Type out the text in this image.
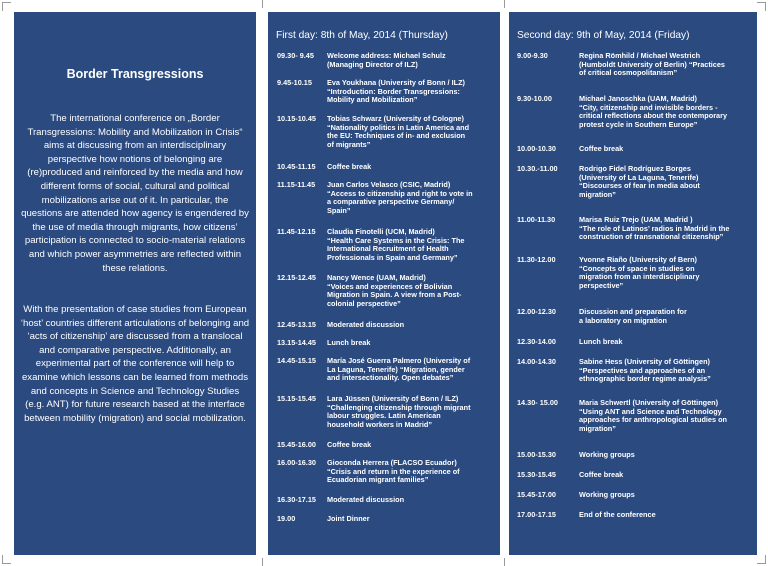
Border Transgressions
The international conference on „Border Transgressions: Mobility and Mobilization in Crisis“ aims at discussing from an interdisciplinary perspective how notions of belonging are (re)produced and reinforced by the media and how different forms of social, cultural and political mobilizations arise out of it. In particular, the questions are attended how agency is engendered by the use of media through migrants, how citizens’ participation is connected to socio-material relations and which power asymmetries are reflected within these relations.
With the presentation of case studies from European ‘host’ countries different articulations of belonging and ‘acts of citizenship’ are discussed from a translocal and comparative perspective. Additionally, an experimental part of the conference will help to examine which lessons can be learned from methods and concepts in Science and Technology Studies (e.g. ANT) for future research based at the interface between mobility (migration) and social mobilization.
First day: 8th of May, 2014 (Thursday)
09.30- 9.45	Welcome address: Michael Schulz
(Managing Director of ILZ)
9.45-10.15	Eva Youkhana (University of Bonn / ILZ)
“Introduction: Border Transgressions:
Mobility and Mobilization”
10.15-10.45	Tobias Schwarz (University of Cologne)
“Nationality politics in Latin America and
the EU: Techniques of in- and exclusion
of migrants”
10.45-11.15	Coffee break
11.15-11.45	Juan Carlos Velasco (CSIC, Madrid)
“Access to citizenship and right to vote in
a comparative perspective Germany/
Spain”
11.45-12.15	Claudia Finotelli (UCM, Madrid)
“Health Care Systems in the Crisis: The
International Recruitment of Health
Professionals in Spain and Germany”
12.15-12.45	Nancy Wence (UAM, Madrid)
“Voices and experiences of Bolivian
Migration in Spain. A view from a Post-
colonial perspective”
12.45-13.15	Moderated discussion
13.15-14.45	Lunch break
14.45-15.15	María José Guerra Palmero (University of
La Laguna, Tenerife) “Migration, gender
and intersectionality. Open debates”
15.15-15.45	Lara Jüssen (University of Bonn / ILZ)
“Challenging citizenship through migrant
labour struggles. Latin American
household workers in Madrid”
15.45-16.00	Coffee break
16.00-16.30	Gioconda Herrera (FLACSO Ecuador)
“Crisis and return in the experience of
Ecuadorian migrant families”
16.30-17.15	Moderated discussion
19.00	Joint Dinner
Second day: 9th of May, 2014 (Friday)
9.00-9.30	Regina Römhild / Michael Westrich
(Humboldt University of Berlin) “Practices
of critical cosmopolitanism”
9.30-10.00	Michael Janoschka (UAM, Madrid)
“City, citizenship and invisible borders -
critical reflections about the contemporary
protest cycle in Southern Europe”
10.00-10.30	Coffee break
10.30.-11.00	Rodrigo Fidel Rodríguez Borges
(University of La Laguna, Tenerife)
“Discourses of fear in media about
migration”
11.00-11.30	Marisa Ruiz Trejo (UAM, Madrid )
“The role of Latinos’ radios in Madrid in the
construction of transnational citizenship”
11.30-12.00	Yvonne Riaño (University of Bern)
“Concepts of space in studies on
migration from an interdisciplinary
perspective”
12.00-12.30	Discussion and preparation for
a laboratory on migration
12.30-14.00	Lunch break
14.00-14.30	Sabine Hess (University of Göttingen)
“Perspectives and approaches of an
ethnographic border regime analysis”
14.30- 15.00	Maria Schwertl (University of Göttingen)
“Using ANT and Science and Technology
approaches for anthropological studies on
migration”
15.00-15.30	Working groups
15.30-15.45	Coffee break
15.45-17.00	Working groups
17.00-17.15	End of the conference
